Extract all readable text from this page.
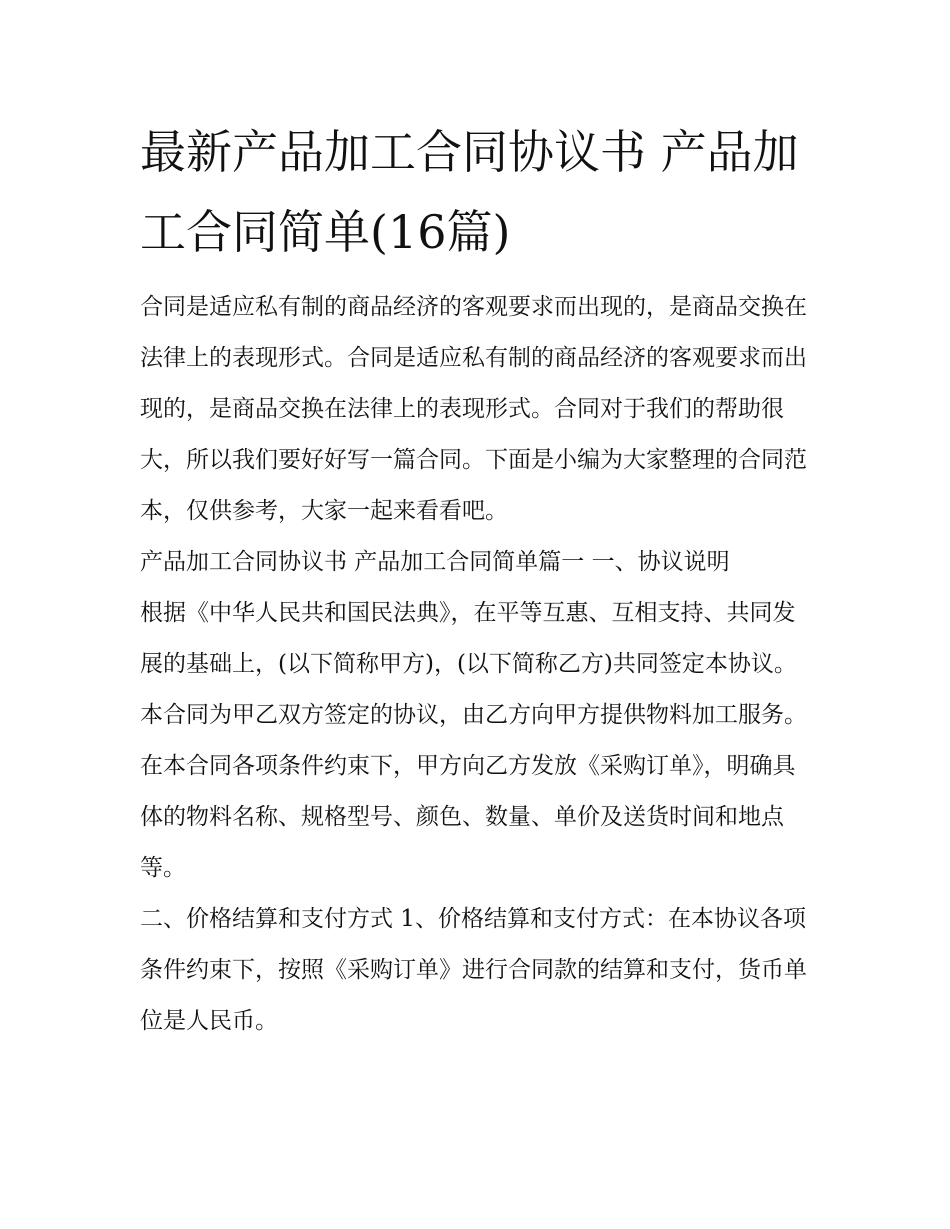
最新产品加工合同协议书 产品加工合同简单(16篇)

合同是适应私有制的商品经济的客观要求而出现的，是商品交换在法律上的表现形式。合同是适应私有制的商品经济的客观要求而出现的，是商品交换在法律上的表现形式。合同对于我们的帮助很大，所以我们要好好写一篇合同。下面是小编为大家整理的合同范本，仅供参考，大家一起来看看吧。

产品加工合同协议书 产品加工合同简单篇一 一、协议说明

根据《中华人民共和国民法典》，在平等互惠、互相支持、共同发展的基础上，(以下简称甲方)，(以下简称乙方)共同签定本协议。

本合同为甲乙双方签定的协议，由乙方向甲方提供物料加工服务。在本合同各项条件约束下，甲方向乙方发放《采购订单》，明确具体的物料名称、规格型号、颜色、数量、单价及送货时间和地点等。

二、价格结算和支付方式 1、价格结算和支付方式：在本协议各项条件约束下，按照《采购订单》进行合同款的结算和支付，货币单位是人民币。
